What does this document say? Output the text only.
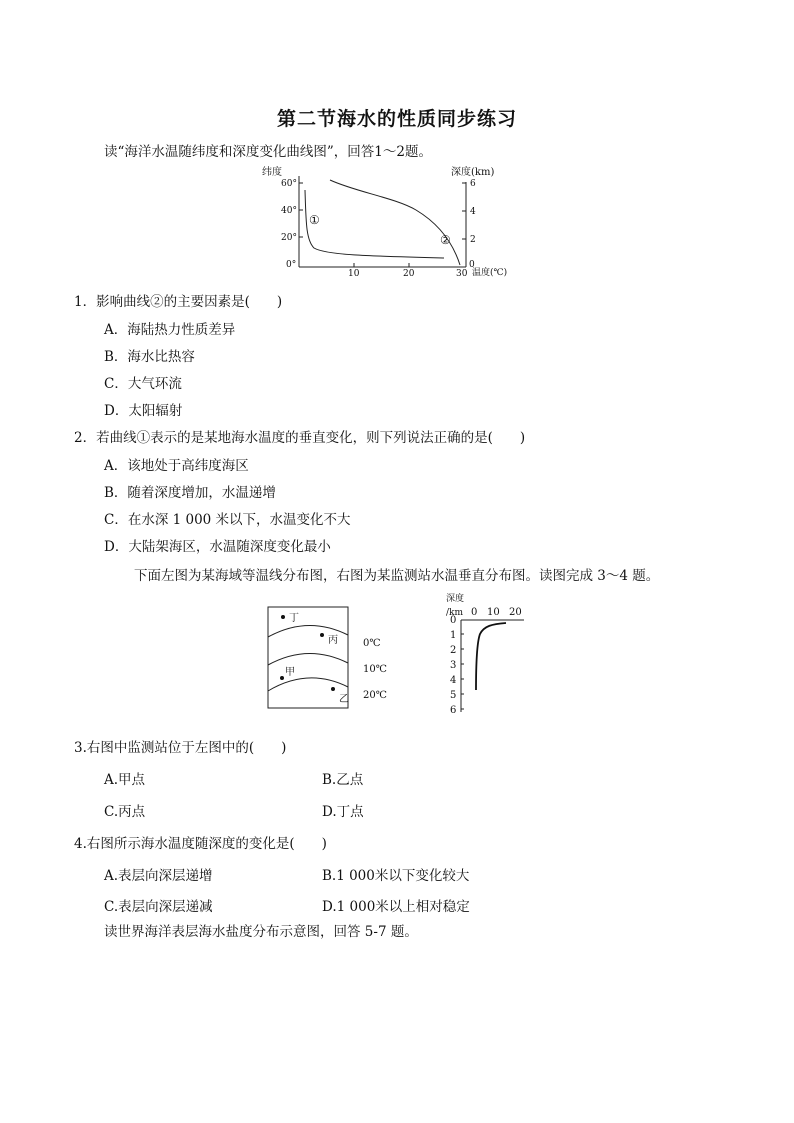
第二节海水的性质同步练习
读“海洋水温随纬度和深度变化曲线图”，回答1～2题。
纬度	深度(km)
60°
40°
20°
0°
6
4
2
0
10	20	30 温度(℃)
①
②
1．影响曲线②的主要因素是(　　)
A．海陆热力性质差异
B．海水比热容
C．大气环流
D．太阳辐射
2．若曲线①表示的是某地海水温度的垂直变化，则下列说法正确的是(　　)
A．该地处于高纬度海区
B．随着深度增加，水温递增
C．在水深 1 000 米以下，水温变化不大
D．大陆架海区，水温随深度变化最小
下面左图为某海域等温线分布图，右图为某监测站水温垂直分布图。读图完成 3～4 题。
丁
丙
甲
乙
0℃
10℃
20℃
深度
/km 0 10 20
0
1
2
3
4
5
6
3.右图中监测站位于左图中的(　　)
A.甲点	B.乙点
C.丙点	D.丁点
4.右图所示海水温度随深度的变化是(　　)
A.表层向深层递增	B.1 000米以下变化较大
C.表层向深层递减	D.1 000米以上相对稳定
读世界海洋表层海水盐度分布示意图，回答 5-7 题。
